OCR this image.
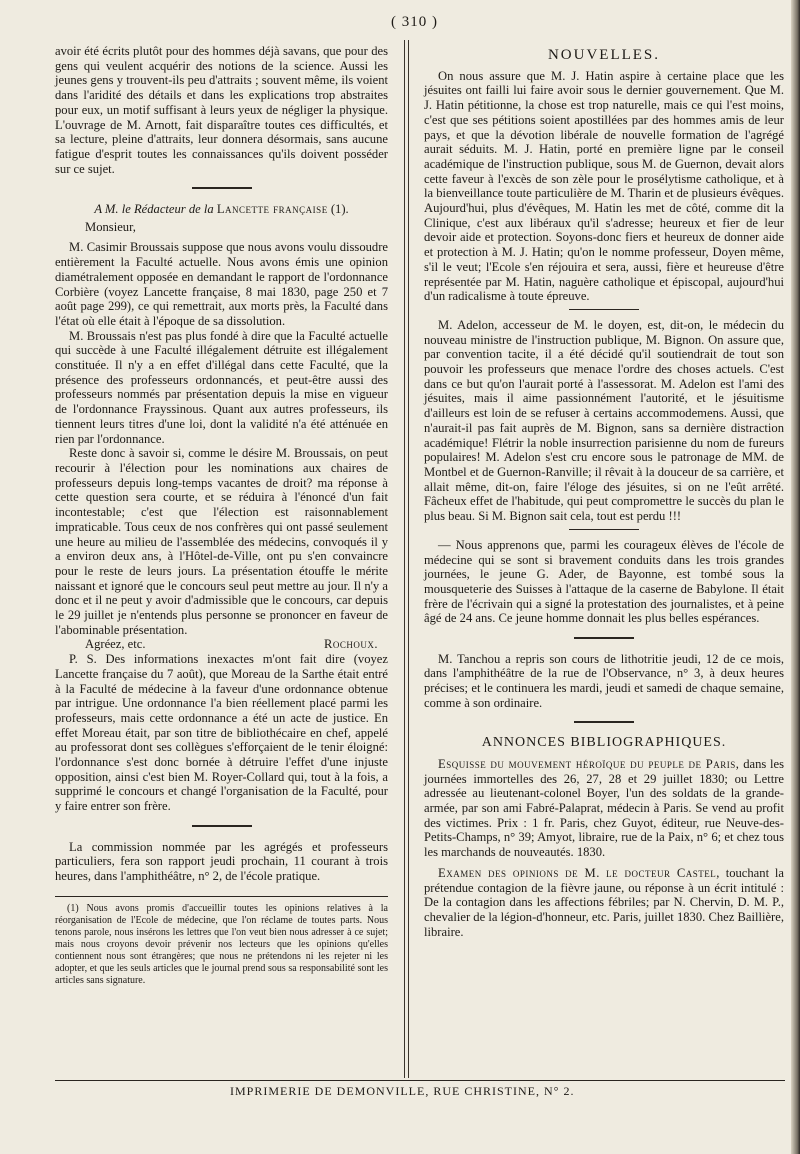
( 310 )

avoir été écrits plutôt pour des hommes déjà savans, que pour des gens qui veulent acquérir des notions de la science. Aussi les jeunes gens y trouvent-ils peu d'attraits ; souvent même, ils voient dans l'aridité des détails et dans les explications trop abstraites pour eux, un motif suffisant à leurs yeux de négliger la physique. L'ouvrage de M. Arnott, fait disparaître toutes ces difficultés, et sa lecture, pleine d'attraits, leur donnera désormais, sans aucune fatigue d'esprit toutes les connaissances qu'ils doivent posséder sur ce sujet.

A M. le Rédacteur de la Lancette française (1).

Monsieur,

M. Casimir Broussais suppose que nous avons voulu dissoudre entièrement la Faculté actuelle. Nous avons émis une opinion diamétralement opposée en demandant le rapport de l'ordonnance Corbière (voyez Lancette française, 8 mai 1830, page 250 et 7 août page 299), ce qui remettrait, aux morts près, la Faculté dans l'état où elle était à l'époque de sa dissolution.

M. Broussais n'est pas plus fondé à dire que la Faculté actuelle qui succède à une Faculté illégalement détruite est illégalement constituée. Il n'y a en effet d'illégal dans cette Faculté, que la présence des professeurs ordonnancés, et peut-être aussi des professeurs nommés par présentation depuis la mise en vigueur de l'ordonnance Frayssinous. Quant aux autres professeurs, ils tiennent leurs titres d'une loi, dont la validité n'a été atténuée en rien par l'ordonnance.

Reste donc à savoir si, comme le désire M. Broussais, on peut recourir à l'élection pour les nominations aux chaires de professeurs depuis long-temps vacantes de droit? ma réponse à cette question sera courte, et se réduira à l'énoncé d'un fait incontestable; c'est que l'élection est raisonnablement impraticable. Tous ceux de nos confrères qui ont passé seulement une heure au milieu de l'assemblée des médecins, convoqués il y a environ deux ans, à l'Hôtel-de-Ville, ont pu s'en convaincre pour le reste de leurs jours. La présentation étouffe le mérite naissant et ignoré que le concours seul peut mettre au jour. Il n'y a donc et il ne peut y avoir d'admissible que le concours, car depuis le 29 juillet je n'entends plus personne se prononcer en faveur de l'abominable présentation.

Agréez, etc.	Rochoux.

P. S. Des informations inexactes m'ont fait dire (voyez Lancette française du 7 août), que Moreau de la Sarthe était entré à la Faculté de médecine à la faveur d'une ordonnance obtenue par intrigue. Une ordonnance l'a bien réellement placé parmi les professeurs, mais cette ordonnance a été un acte de justice. En effet Moreau était, par son titre de bibliothécaire en chef, appelé au professorat dont ses collègues s'efforçaient de le tenir éloigné: l'ordonnance s'est donc bornée à détruire l'effet d'une injuste opposition, ainsi c'est bien M. Royer-Collard qui, tout à la fois, a supprimé le concours et changé l'organisation de la Faculté, pour y faire entrer son frère.

La commission nommée par les agrégés et professeurs particuliers, fera son rapport jeudi prochain, 11 courant à trois heures, dans l'amphithéâtre, n° 2, de l'école pratique.

(1) Nous avons promis d'accueillir toutes les opinions relatives à la réorganisation de l'Ecole de médecine, que l'on réclame de toutes parts. Nous tenons parole, nous insérons les lettres que l'on veut bien nous adresser à ce sujet; mais nous croyons devoir prévenir nos lecteurs que les opinions qu'elles contiennent nous sont étrangères; que nous ne prétendons ni les rejeter ni les adopter, et que les seuls articles que le journal prend sous sa responsabilité sont les articles sans signature.

NOUVELLES.

On nous assure que M. J. Hatin aspire à certaine place que les jésuites ont failli lui faire avoir sous le dernier gouvernement. Que M. J. Hatin pétitionne, la chose est trop naturelle, mais ce qui l'est moins, c'est que ses pétitions soient apostillées par des hommes amis de leur pays, et que la dévotion libérale de nouvelle formation de l'agrégé aurait séduits. M. J. Hatin, porté en première ligne par le conseil académique de l'instruction publique, sous M. de Guernon, devait alors cette faveur à l'excès de son zèle pour le prosélytisme catholique, et à la bienveillance toute particulière de M. Tharin et de plusieurs évêques. Aujourd'hui, plus d'évêques, M. Hatin les met de côté, comme dit la Clinique, c'est aux libéraux qu'il s'adresse; heureux et fier de leur devoir aide et protection. Soyons-donc fiers et heureux de donner aide et protection à M. J. Hatin; qu'on le nomme professeur, Doyen même, s'il le veut; l'Ecole s'en réjouira et sera, aussi, fière et heureuse d'être représentée par M. Hatin, naguère catholique et épiscopal, aujourd'hui d'un radicalisme à toute épreuve.

M. Adelon, accesseur de M. le doyen, est, dit-on, le médecin du nouveau ministre de l'instruction publique, M. Bignon. On assure que, par convention tacite, il a été décidé qu'il soutiendrait de tout son pouvoir les professeurs que menace l'ordre des choses actuels. C'est dans ce but qu'on l'aurait porté à l'assessorat. M. Adelon est l'ami des jésuites, mais il aime passionnément l'autorité, et le jésuitisme d'ailleurs est loin de se refuser à certains accommodemens. Aussi, que n'aurait-il pas fait auprès de M. Bignon, sans sa dernière distraction académique! Flétrir la noble insurrection parisienne du nom de fureurs populaires! M. Adelon s'est cru encore sous le patronage de MM. de Montbel et de Guernon-Ranville; il rêvait à la douceur de sa carrière, et allait même, dit-on, faire l'éloge des jésuites, si on ne l'eût arrêté. Fâcheux effet de l'habitude, qui peut compromettre le succès du plan le plus beau. Si M. Bignon sait cela, tout est perdu !!!

— Nous apprenons que, parmi les courageux élèves de l'école de médecine qui se sont si bravement conduits dans les trois grandes journées, le jeune G. Ader, de Bayonne, est tombé sous la mousqueterie des Suisses à l'attaque de la caserne de Babylone. Il était frère de l'écrivain qui a signé la protestation des journalistes, et à peine âgé de 24 ans. Ce jeune homme donnait les plus belles espérances.

M. Tanchou a repris son cours de lithotritie jeudi, 12 de ce mois, dans l'amphithéâtre de la rue de l'Observance, n° 3, à deux heures précises; et le continuera les mardi, jeudi et samedi de chaque semaine, comme à son ordinaire.

ANNONCES BIBLIOGRAPHIQUES.

Esquisse du mouvement héroïque du peuple de Paris, dans les journées immortelles des 26, 27, 28 et 29 juillet 1830; ou Lettre adressée au lieutenant-colonel Boyer, l'un des soldats de la grande-armée, par son ami Fabré-Palaprat, médecin à Paris. Se vend au profit des victimes. Prix : 1 fr. Paris, chez Guyot, éditeur, rue Neuve-des-Petits-Champs, n° 39; Amyot, libraire, rue de la Paix, n° 6; et chez tous les marchands de nouveautés. 1830.

Examen des opinions de M. le docteur Castel, touchant la prétendue contagion de la fièvre jaune, ou réponse à un écrit intitulé : De la contagion dans les affections fébriles; par N. Chervin, D. M. P., chevalier de la légion-d'honneur, etc. Paris, juillet 1830. Chez Baillière, libraire.

IMPRIMERIE DE DEMONVILLE, RUE CHRISTINE, N° 2.
